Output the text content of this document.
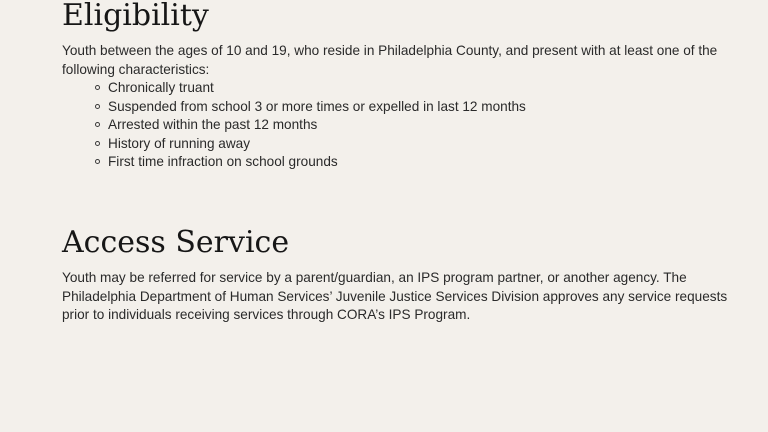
Eligibility

Youth between the ages of 10 and 19, who reside in Philadelphia County, and present with at least one of the following characteristics:

Chronically truant
Suspended from school 3 or more times or expelled in last 12 months
Arrested within the past 12 months
History of running away
First time infraction on school grounds
Access Service

Youth may be referred for service by a parent/guardian, an IPS program partner, or another agency. The Philadelphia Department of Human Services’ Juvenile Justice Services Division approves any service requests prior to individuals receiving services through CORA’s IPS Program.
